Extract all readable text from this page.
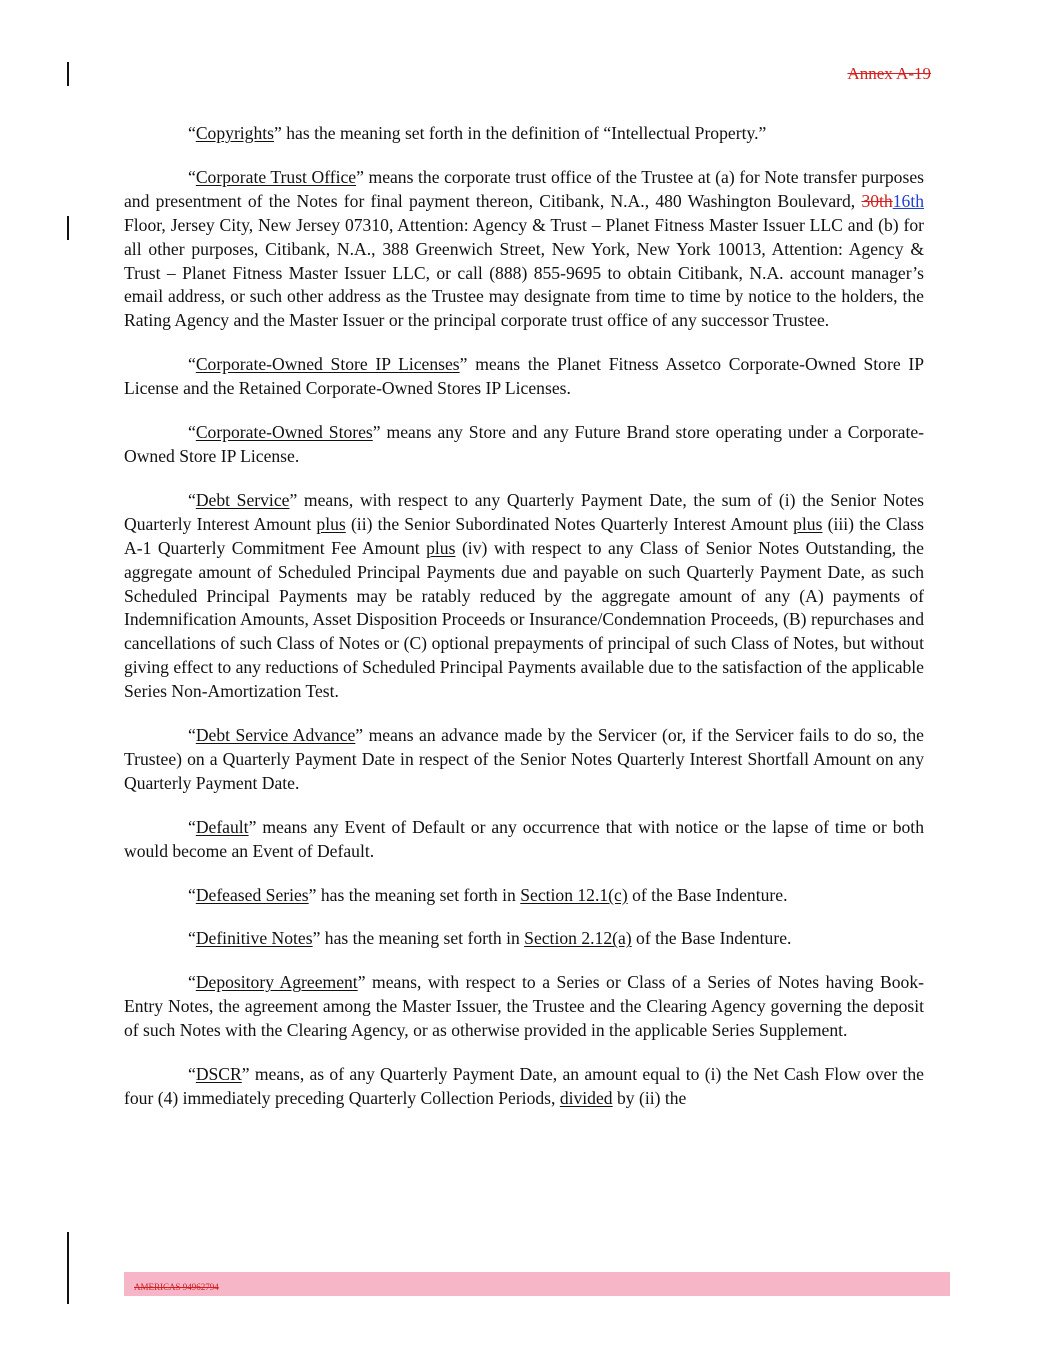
Annex A-19

“Copyrights” has the meaning set forth in the definition of “Intellectual Property.”

“Corporate Trust Office” means the corporate trust office of the Trustee at (a) for Note transfer purposes and presentment of the Notes for final payment thereon, Citibank, N.A., 480 Washington Boulevard, 30th16th Floor, Jersey City, New Jersey 07310, Attention: Agency & Trust – Planet Fitness Master Issuer LLC and (b) for all other purposes, Citibank, N.A., 388 Greenwich Street, New York, New York 10013, Attention: Agency & Trust – Planet Fitness Master Issuer LLC, or call (888) 855-9695 to obtain Citibank, N.A. account manager’s email address, or such other address as the Trustee may designate from time to time by notice to the holders, the Rating Agency and the Master Issuer or the principal corporate trust office of any successor Trustee.

“Corporate-Owned Store IP Licenses” means the Planet Fitness Assetco Corporate-Owned Store IP License and the Retained Corporate-Owned Stores IP Licenses.

“Corporate-Owned Stores” means any Store and any Future Brand store operating under a Corporate-Owned Store IP License.

“Debt Service” means, with respect to any Quarterly Payment Date, the sum of (i) the Senior Notes Quarterly Interest Amount plus (ii) the Senior Subordinated Notes Quarterly Interest Amount plus (iii) the Class A-1 Quarterly Commitment Fee Amount plus (iv) with respect to any Class of Senior Notes Outstanding, the aggregate amount of Scheduled Principal Payments due and payable on such Quarterly Payment Date, as such Scheduled Principal Payments may be ratably reduced by the aggregate amount of any (A) payments of Indemnification Amounts, Asset Disposition Proceeds or Insurance/Condemnation Proceeds, (B) repurchases and cancellations of such Class of Notes or (C) optional prepayments of principal of such Class of Notes, but without giving effect to any reductions of Scheduled Principal Payments available due to the satisfaction of the applicable Series Non-Amortization Test.

“Debt Service Advance” means an advance made by the Servicer (or, if the Servicer fails to do so, the Trustee) on a Quarterly Payment Date in respect of the Senior Notes Quarterly Interest Shortfall Amount on any Quarterly Payment Date.

“Default” means any Event of Default or any occurrence that with notice or the lapse of time or both would become an Event of Default.

“Defeased Series” has the meaning set forth in Section 12.1(c) of the Base Indenture.

“Definitive Notes” has the meaning set forth in Section 2.12(a) of the Base Indenture.

“Depository Agreement” means, with respect to a Series or Class of a Series of Notes having Book-Entry Notes, the agreement among the Master Issuer, the Trustee and the Clearing Agency governing the deposit of such Notes with the Clearing Agency, or as otherwise provided in the applicable Series Supplement.

“DSCR” means, as of any Quarterly Payment Date, an amount equal to (i) the Net Cash Flow over the four (4) immediately preceding Quarterly Collection Periods, divided by (ii) the

AMERICAS 94962794
